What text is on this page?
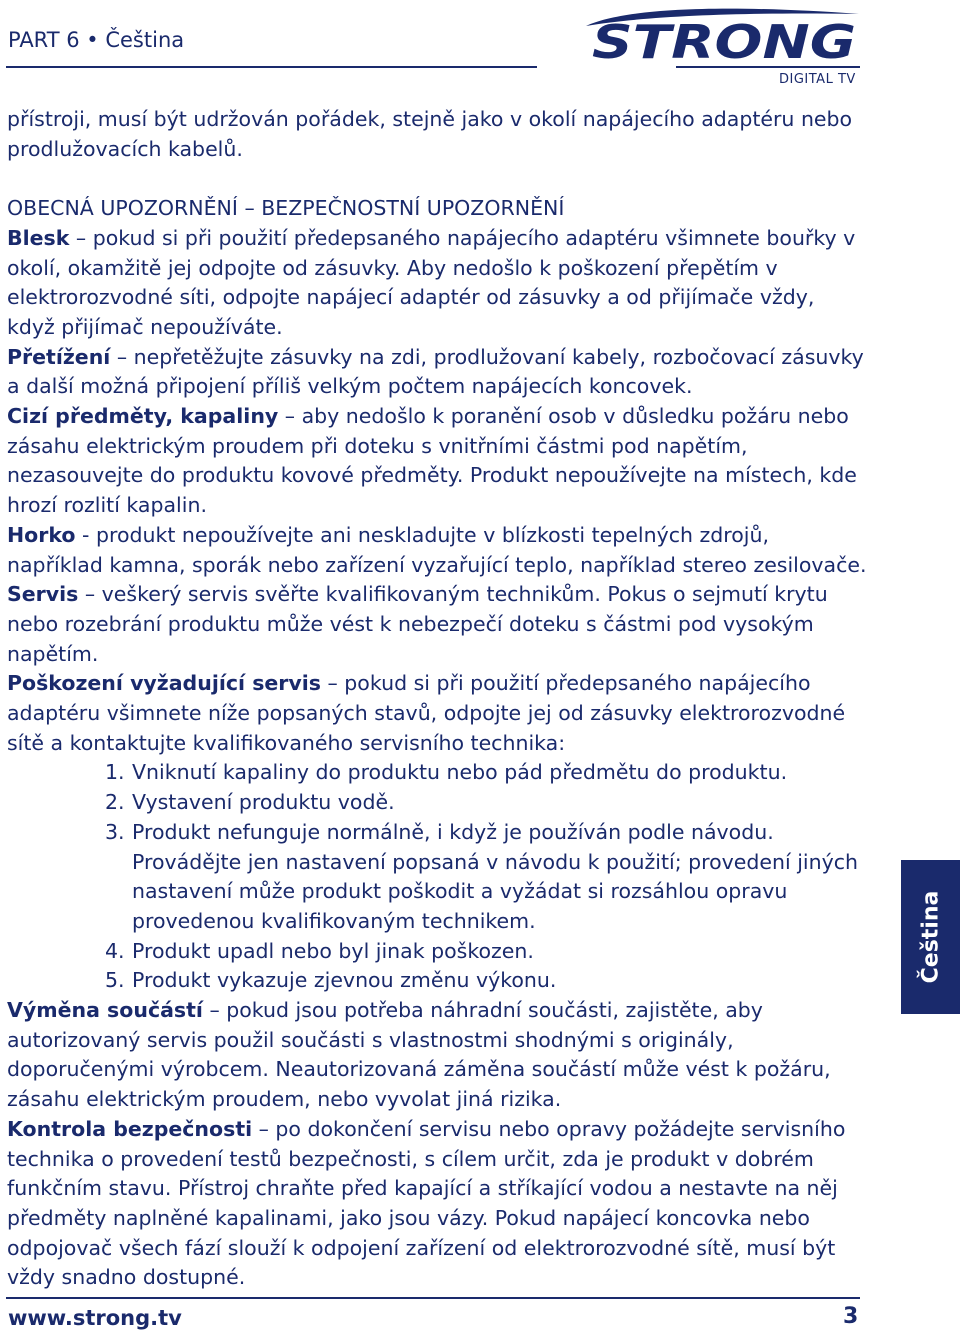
PART 6 • Čeština	STRONG
DIGITAL TV

přístroji, musí být udržován pořádek, stejně jako v okolí napájecího adaptéru nebo prodlužovacích kabelů.

OBECNÁ UPOZORNĚNÍ – BEZPEČNOSTNÍ UPOZORNĚNÍ

Blesk – pokud si při použití předepsaného napájecího adaptéru všimnete bouřky v okolí, okamžitě jej odpojte od zásuvky. Aby nedošlo k poškození přepětím v elektrorozvodné síti, odpojte napájecí adaptér od zásuvky a od přijímače vždy, když přijímač nepoužíváte.

Přetížení – nepřetěžujte zásuvky na zdi, prodlužovaní kabely, rozbočovací zásuvky a další možná připojení příliš velkým počtem napájecích koncovek.

Cizí předměty, kapaliny – aby nedošlo k poranění osob v důsledku požáru nebo zásahu elektrickým proudem při doteku s vnitřními částmi pod napětím, nezasouvejte do produktu kovové předměty. Produkt nepoužívejte na místech, kde hrozí rozlití kapalin.

Horko - produkt nepoužívejte ani neskladujte v blízkosti tepelných zdrojů, například kamna, sporák nebo zařízení vyzařující teplo, například stereo zesilovače.

Servis – veškerý servis svěřte kvalifikovaným technikům. Pokus o sejmutí krytu nebo rozebrání produktu může vést k nebezpečí doteku s částmi pod vysokým napětím.

Poškození vyžadující servis – pokud si při použití předepsaného napájecího adaptéru všimnete níže popsaných stavů, odpojte jej od zásuvky elektrorozvodné sítě a kontaktujte kvalifikovaného servisního technika:

1. Vniknutí kapaliny do produktu nebo pád předmětu do produktu.
2. Vystavení produktu vodě.
3. Produkt nefunguje normálně, i když je používán podle návodu. Provádějte jen nastavení popsaná v návodu k použití; provedení jiných nastavení může produkt poškodit a vyžádat si rozsáhlou opravu provedenou kvalifikovaným technikem.
4. Produkt upadl nebo byl jinak poškozen.
5. Produkt vykazuje zjevnou změnu výkonu.

Výměna součástí – pokud jsou potřeba náhradní součásti, zajistěte, aby autorizovaný servis použil součásti s vlastnostmi shodnými s originály, doporučenými výrobcem. Neautorizovaná záměna součástí může vést k požáru, zásahu elektrickým proudem, nebo vyvolat jiná rizika.

Kontrola bezpečnosti – po dokončení servisu nebo opravy požádejte servisního technika o provedení testů bezpečnosti, s cílem určit, zda je produkt v dobrém funkčním stavu. Přístroj chraňte před kapající a stříkající vodou a nestavte na něj předměty naplněné kapalinami, jako jsou vázy. Pokud napájecí koncovka nebo odpojovač všech fází slouží k odpojení zařízení od elektrorozvodné sítě, musí být vždy snadno dostupné.

Čeština
www.strong.tv	3
